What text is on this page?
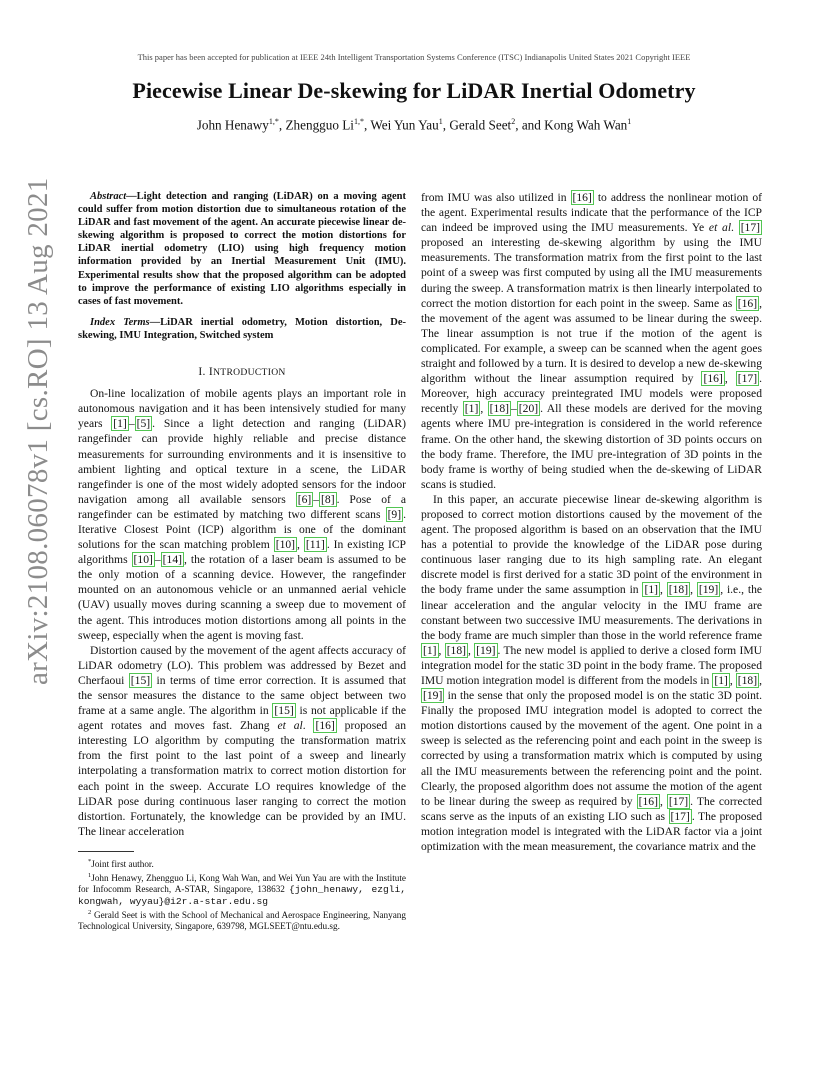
This paper has been accepted for publication at IEEE 24th Intelligent Transportation Systems Conference (ITSC) Indianapolis United States 2021 Copyright IEEE
Piecewise Linear De-skewing for LiDAR Inertial Odometry
John Henawy$^{1,*}$, Zhengguo $Li^{1,*}$, Wei Yun Yau$^1$, Gerald Seet$^2$, and Kong Wah Wan$^1$
arXiv:2108.06078v1 [cs.RO] 13 Aug 2021	Abstract—Light detection and ranging (LiDAR) on a moving agent could suffer from motion distortion due to simultaneous rotation of the LiDAR and fast movement of the agent. An accurate piecewise linear de-skewing algorithm is proposed to correct the motion distortions for LiDAR inertial odometry (LIO) using high frequency motion information provided by an Inertial Measurement Unit (IMU). Experimental results show that the proposed algorithm can be adopted to improve the performance of existing LIO algorithms especially in cases of fast movement.

Index Terms—LiDAR inertial odometry, Motion distortion, De-skewing, IMU Integration, Switched system

I. INTRODUCTION

On-line localization of mobile agents plays an important role in autonomous navigation and it has been intensively studied for many years [1] – [5] . Since a light detection and ranging (LiDAR) rangefinder can provide highly reliable and precise distance measurements for surrounding environments and it is insensitive to ambient lighting and optical texture in a scene, the LiDAR rangefinder is one of the most widely adopted sensors for the indoor navigation among all available sensors [6] – [8] . Pose of a rangefinder can be estimated by matching two different scans [9] . Iterative Closest Point (ICP) algorithm is one of the dominant solutions for the scan matching problem [10] , [11] . In existing ICP algorithms [10] – [14] , the rotation of a laser beam is assumed to be the only motion of a scanning device. However, the rangefinder mounted on an autonomous vehicle or an unmanned aerial vehicle (UAV) usually moves during scanning a sweep due to movement of the agent. This introduces motion distortions among all points in the sweep, especially when the agent is moving fast.

Distortion caused by the movement of the agent affects accuracy of LiDAR odometry (LO). This problem was addressed by Bezet and Cherfaoui [15] in terms of time error correction. It is assumed that the sensor measures the distance to the same object between two frame at a same angle. The algorithm in [15] is not applicable if the agent rotates and moves fast. Zhang et al. [16] proposed an interesting LO algorithm by computing the transformation matrix from the first point to the last point of a sweep and linearly interpolating a transformation matrix to correct motion distortion for each point in the sweep. Accurate LO requires knowledge of the LiDAR pose during continuous laser ranging to correct the motion distortion. Fortunately, the knowledge can be provided by an IMU. The linear acceleration

*Joint first author.

$^1$John Henawy, Zhengguo Li, Kong Wah Wan, and Wei Yun Yau are with the Institute for Infocomm Research, A-STAR, Singapore, 138632 {john_henawy, ezgli, kongwah, wyyau}@i2r.a-star.edu.sg

$^2$ Gerald Seet is with the School of Mechanical and Aerospace Engineering, Nanyang Technological University, Singapore, 639798, MGLSEET@ntu.edu.sg.

from IMU was also utilized in [16] to address the nonlinear motion of the agent. Experimental results indicate that the performance of the ICP can indeed be improved using the IMU measurements. Ye et al. [17] proposed an interesting de-skewing algorithm by using the IMU measurements. The transformation matrix from the first point to the last point of a sweep was first computed by using all the IMU measurements during the sweep. A transformation matrix is then linearly interpolated to correct the motion distortion for each point in the sweep. Same as [16] , the movement of the agent was assumed to be linear during the sweep. The linear assumption is not true if the motion of the agent is complicated. For example, a sweep can be scanned when the agent goes straight and followed by a turn. It is desired to develop a new de-skewing algorithm without the linear assumption required by [16] , [17] . Moreover, high accuracy preintegrated IMU models were proposed recently [1] , [18] – [20] . All these models are derived for the moving agents where IMU pre-integration is considered in the world reference frame. On the other hand, the skewing distortion of 3D points occurs on the body frame. Therefore, the IMU pre-integration of 3D points in the body frame is worthy of being studied when the de-skewing of LiDAR scans is studied.

In this paper, an accurate piecewise linear de-skewing algorithm is proposed to correct motion distortions caused by the movement of the agent. The proposed algorithm is based on an observation that the IMU has a potential to provide the knowledge of the LiDAR pose during continuous laser ranging due to its high sampling rate. An elegant discrete model is first derived for a static 3D point of the environment in the body frame under the same assumption in [1] , [18] , [19] , i.e., the linear acceleration and the angular velocity in the IMU frame are constant between two successive IMU measurements. The derivations in the body frame are much simpler than those in the world reference frame [1] , [18] , [19] . The new model is applied to derive a closed form IMU integration model for the static 3D point in the body frame. The proposed IMU motion integration model is different from the models in [1] , [18] , [19] in the sense that only the proposed model is on the static 3D point. Finally the proposed IMU integration model is adopted to correct the motion distortions caused by the movement of the agent. One point in a sweep is selected as the referencing point and each point in the sweep is corrected by using a transformation matrix which is computed by using all the IMU measurements between the referencing point and the point. Clearly, the proposed algorithm does not assume the motion of the agent to be linear during the sweep as required by [16] , [17] . The corrected scans serve as the inputs of an existing LIO such as [17] . The proposed motion integration model is integrated with the LiDAR factor via a joint optimization with the mean measurement, the covariance matrix and the
